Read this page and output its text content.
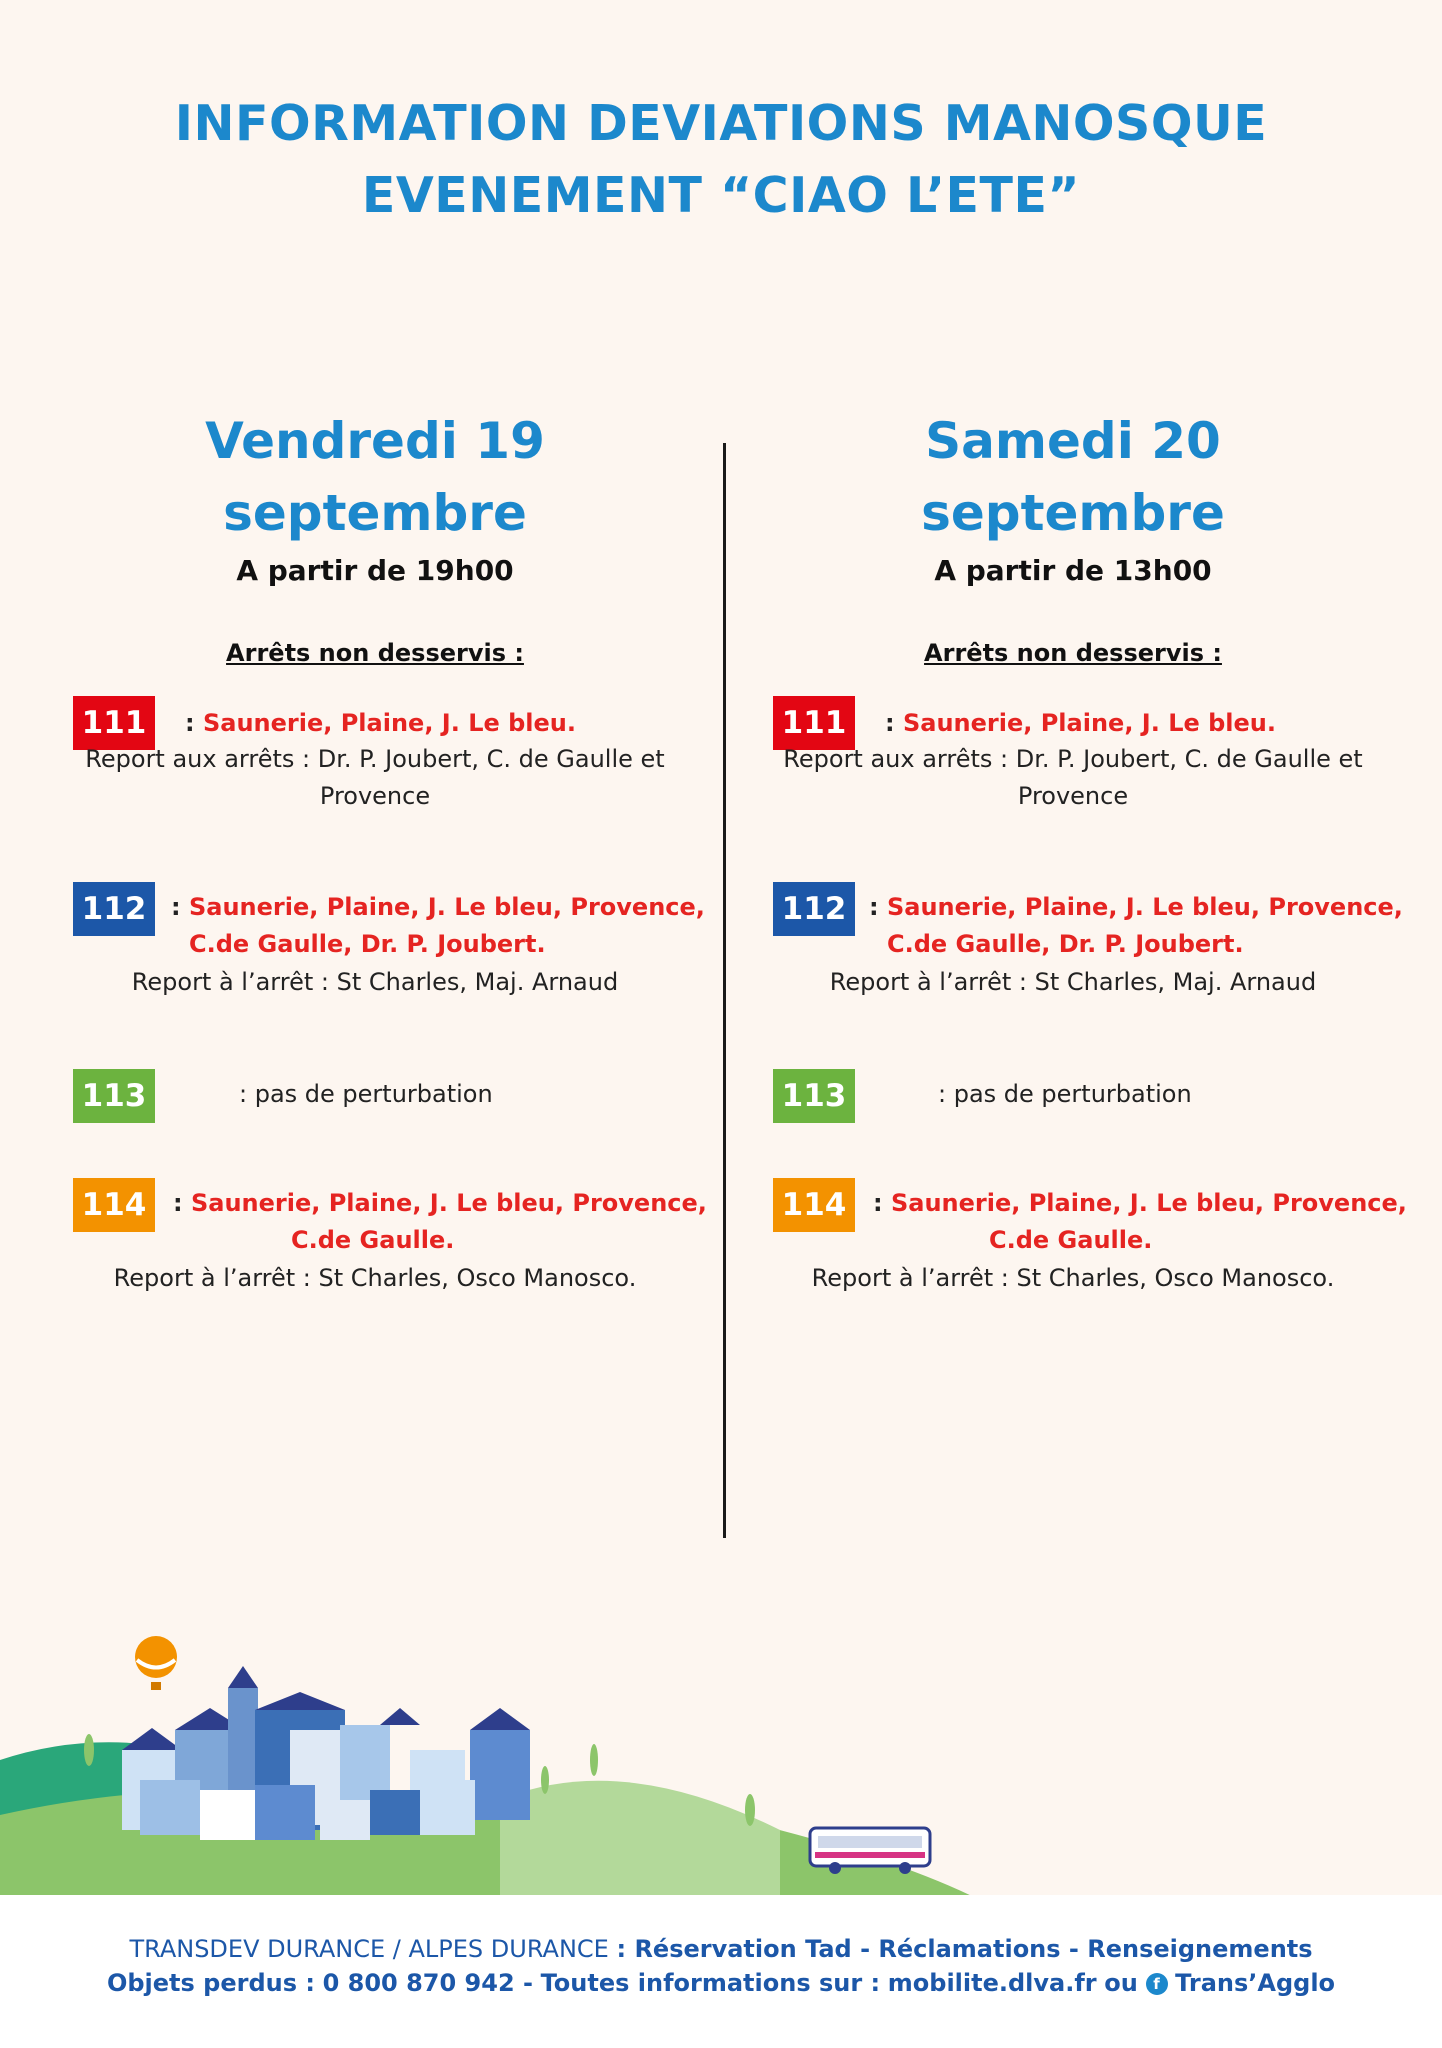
INFORMATION DEVIATIONS MANOSQUE
EVENEMENT “CIAO L’ETE”
Vendredi 19
septembre
A partir de 19h00
Arrêts non desservis :
111	: Saunerie, Plaine, J. Le bleu.
Report aux arrêts : Dr. P. Joubert, C. de Gaulle et
Provence
112	: Saunerie, Plaine, J. Le bleu, Provence,
C.de Gaulle, Dr. P. Joubert.
Report à l’arrêt : St Charles, Maj. Arnaud
113	: pas de perturbation
114	: Saunerie, Plaine, J. Le bleu, Provence,
C.de Gaulle.
Report à l’arrêt : St Charles, Osco Manosco.
Samedi 20
septembre
A partir de 13h00
Arrêts non desservis :
111	: Saunerie, Plaine, J. Le bleu.
Report aux arrêts : Dr. P. Joubert, C. de Gaulle et
Provence
112 : Saunerie, Plaine, J. Le bleu, Provence,
C.de Gaulle, Dr. P. Joubert.
Report à l’arrêt : St Charles, Maj. Arnaud
113	: pas de perturbation
114	: Saunerie, Plaine, J. Le bleu, Provence,
C.de Gaulle.
Report à l’arrêt : St Charles, Osco Manosco.
TRANSDEV DURANCE / ALPES DURANCE : Réservation Tad - Réclamations - Renseignements
Objets perdus : 0 800 870 942 - Toutes informations sur : mobilite.dlva.fr ou f Trans’Agglo
